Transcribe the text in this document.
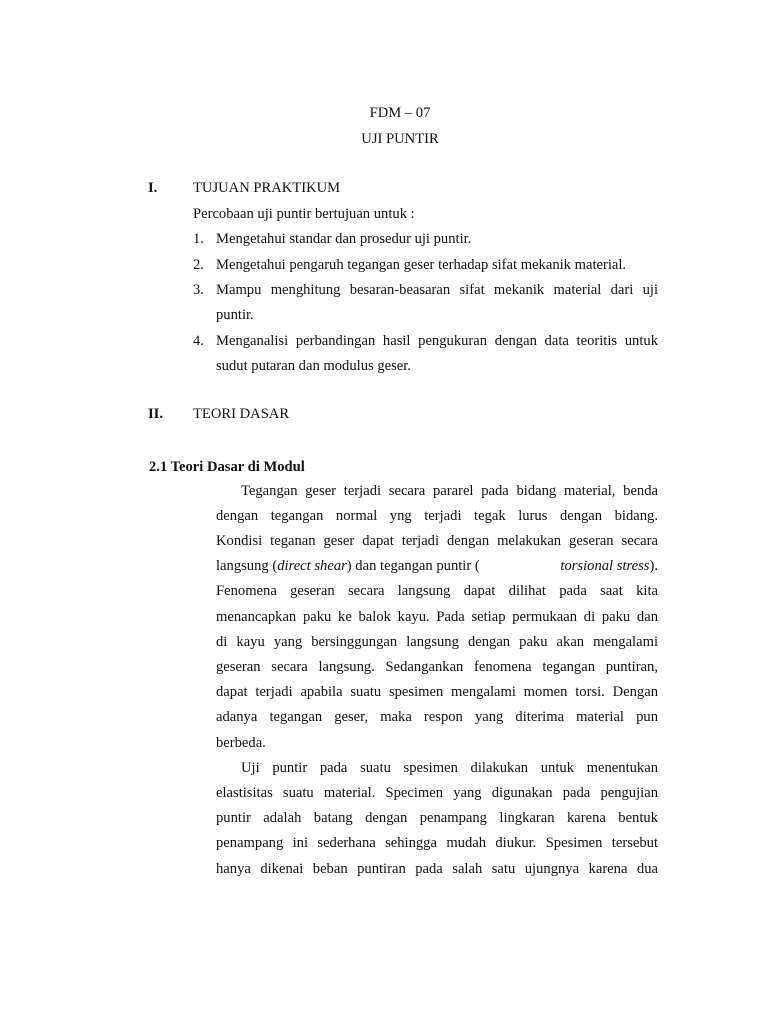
FDM – 07
UJI PUNTIR
I. TUJUAN PRAKTIKUM
Percobaan uji puntir bertujuan untuk :
1. Mengetahui standar dan prosedur uji puntir.
2. Mengetahui pengaruh tegangan geser terhadap sifat mekanik material.
3. Mampu menghitung besaran-beasaran sifat mekanik material dari uji
puntir.
4. Menganalisi perbandingan hasil pengukuran dengan data teoritis untuk
sudut putaran dan modulus geser.
II. TEORI DASAR
2.1 Teori Dasar di Modul
Tegangan geser terjadi secara pararel pada bidang material, benda
dengan tegangan normal yng terjadi tegak lurus dengan bidang.
Kondisi teganan geser dapat terjadi dengan melakukan geseran secara
langsung (direct shear) dan tegangan puntir (	torsional stress).
Fenomena geseran secara langsung dapat dilihat pada saat kita
menancapkan paku ke balok kayu. Pada setiap permukaan di paku dan
di kayu yang bersinggungan langsung dengan paku akan mengalami
geseran secara langsung. Sedangankan fenomena tegangan puntiran,
dapat terjadi apabila suatu spesimen mengalami momen torsi. Dengan
adanya tegangan geser, maka respon yang diterima material pun
berbeda.
Uji puntir pada suatu spesimen dilakukan untuk menentukan
elastisitas suatu material. Specimen yang digunakan pada pengujian
puntir adalah batang dengan penampang lingkaran karena bentuk
penampang ini sederhana sehingga mudah diukur. Spesimen tersebut
hanya dikenai beban puntiran pada salah satu ujungnya karena dua
